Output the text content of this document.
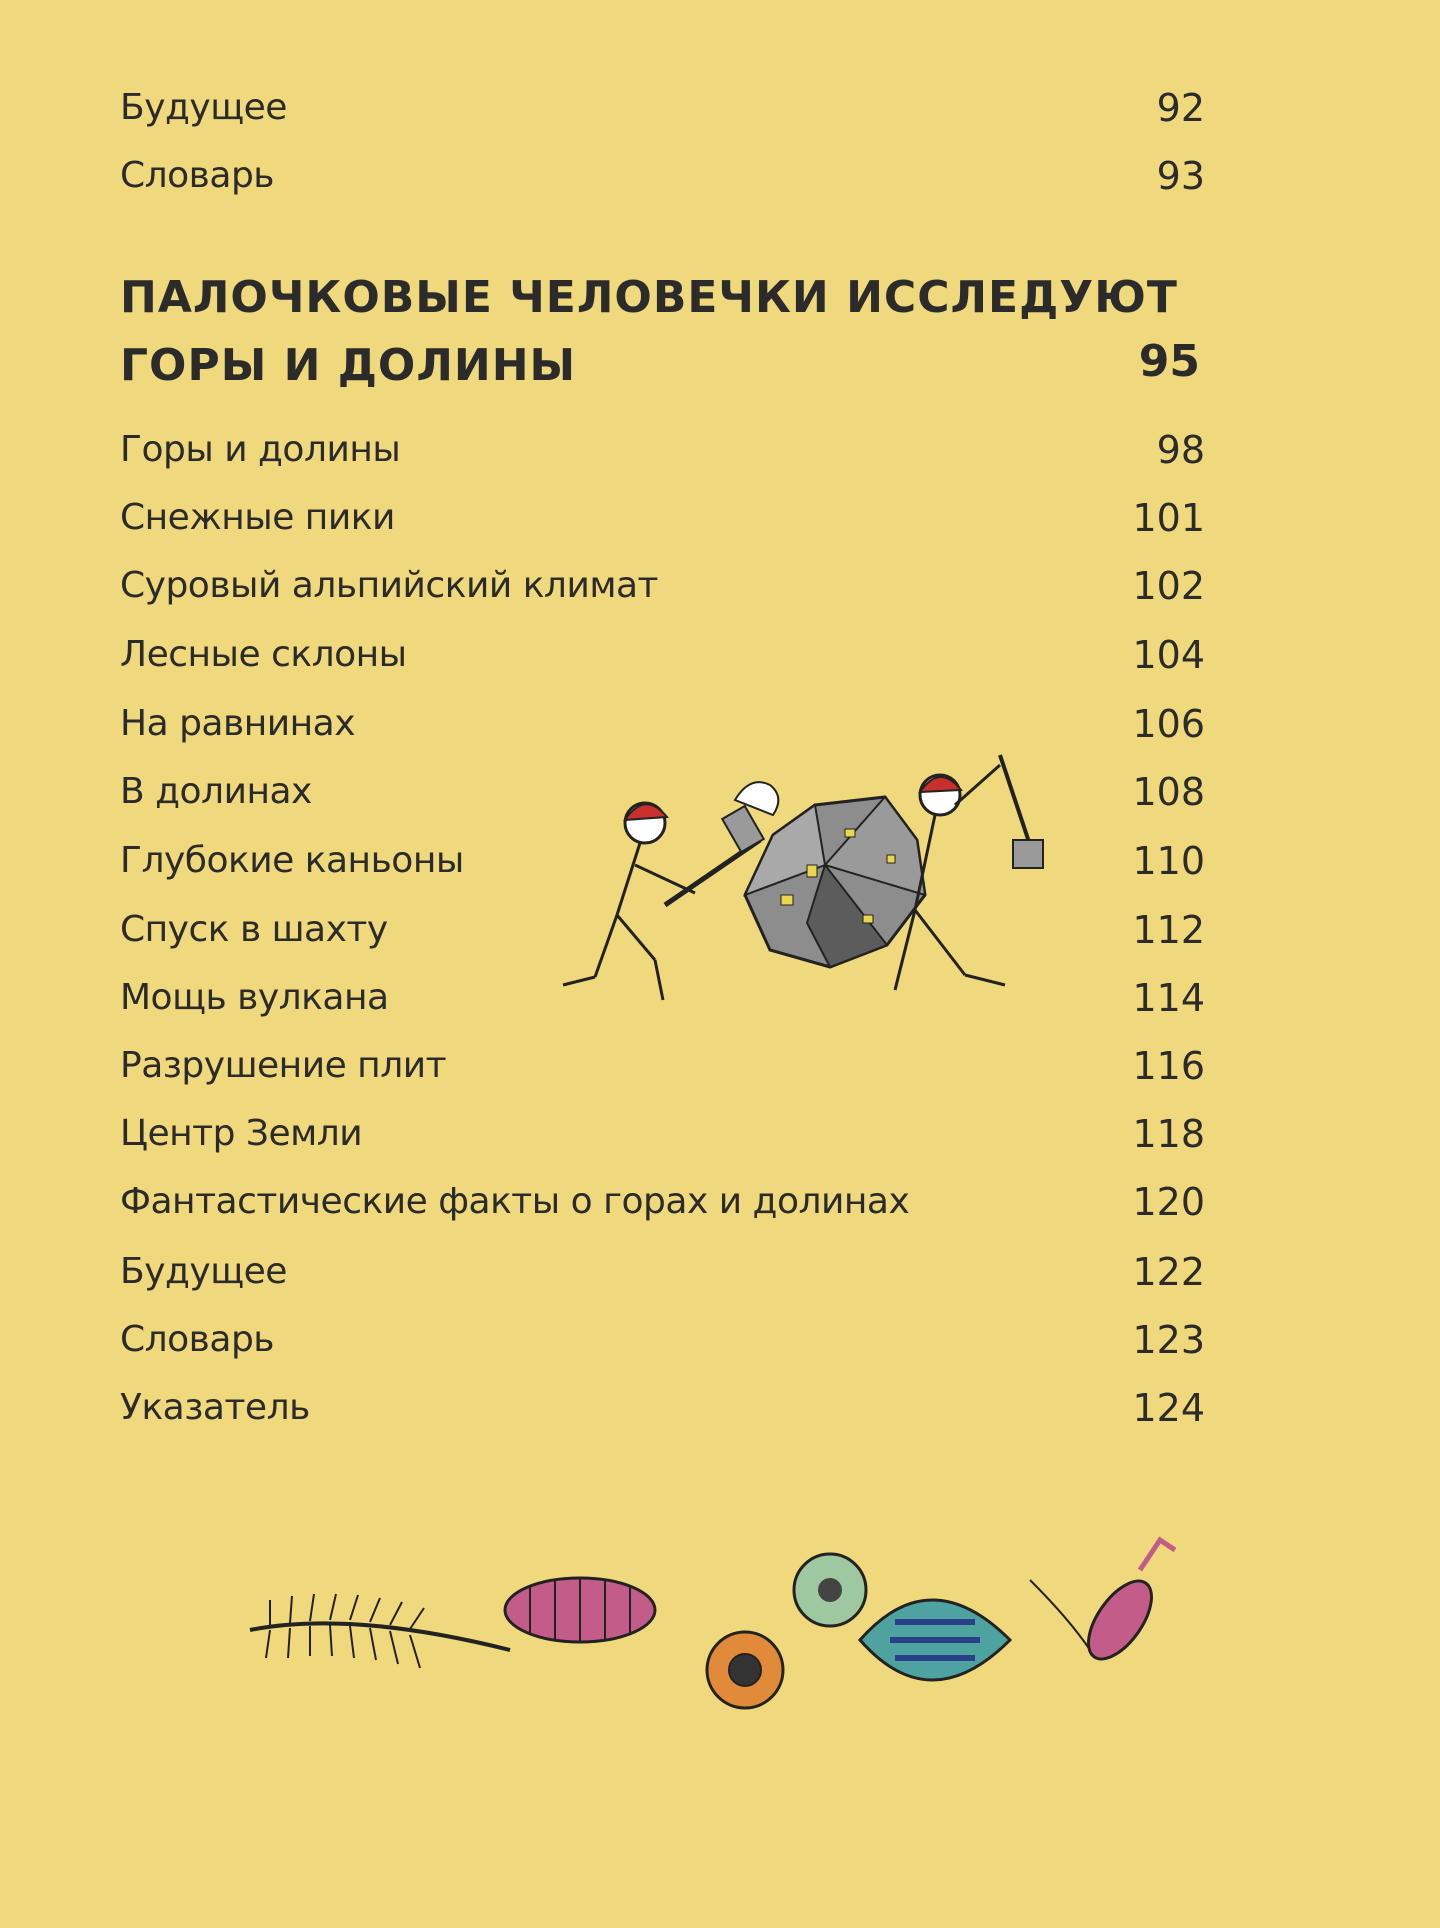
Будущее	92
Словарь	93
ПАЛОЧКОВЫЕ ЧЕЛОВЕЧКИ ИССЛЕДУЮТ
ГОРЫ И ДОЛИНЫ	95
Горы и долины	98
Снежные пики	101
Суровый альпийский климат	102
Лесные склоны	104
На равнинах	106
В долинах	108
Глубокие каньоны	110
Спуск в шахту	112
Мощь вулкана	114
Разрушение плит	116
Центр Земли	118
Фантастические факты о горах и долинах	120
Будущее	122
Словарь	123
Указатель	124
